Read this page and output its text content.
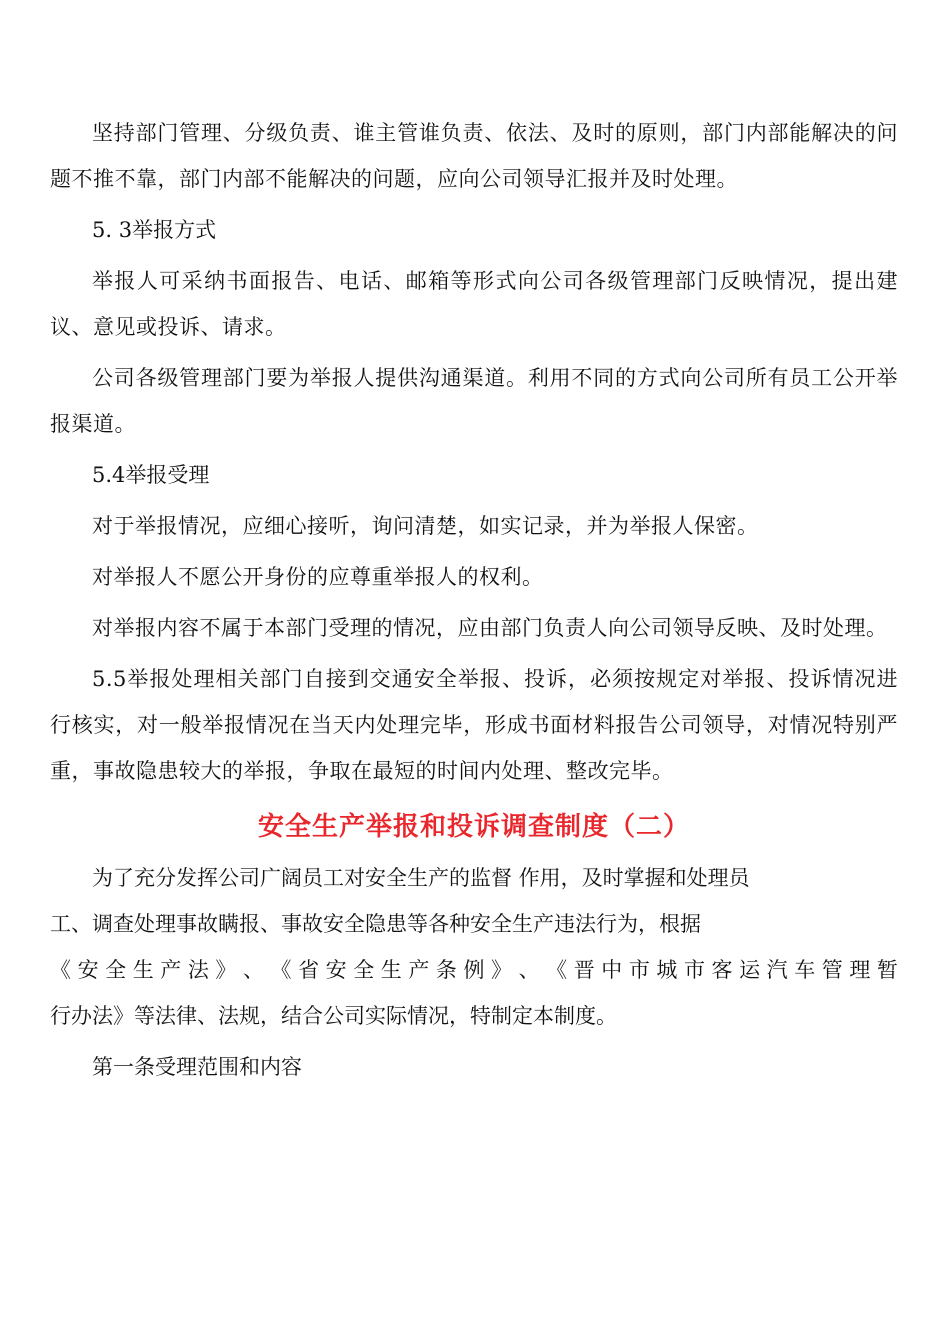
坚持部门管理、分级负责、谁主管谁负责、依法、及时的原则，部门内部能解决的问题不推不靠，部门内部不能解决的问题，应向公司领导汇报并及时处理。

5. 3举报方式

举报人可采纳书面报告、电话、邮箱等形式向公司各级管理部门反映情况，提出建议、意见或投诉、请求。

公司各级管理部门要为举报人提供沟通渠道。利用不同的方式向公司所有员工公开举报渠道。

5.4举报受理

对于举报情况，应细心接听，询问清楚，如实记录，并为举报人保密。

对举报人不愿公开身份的应尊重举报人的权利。

对举报内容不属于本部门受理的情况，应由部门负责人向公司领导反映、及时处理。

5.5举报处理相关部门自接到交通安全举报、投诉，必须按规定对举报、投诉情况进行核实，对一般举报情况在当天内处理完毕，形成书面材料报告公司领导，对情况特别严重，事故隐患较大的举报，争取在最短的时间内处理、整改完毕。

安全生产举报和投诉调查制度（二）

为了充分发挥公司广阔员工对安全生产的监督 作用，及时掌握和处理员

工、调查处理事故瞒报、事故安全隐患等各种安全生产违法行为，根据

《 安 全 生 产 法 》 、 《 省 安 全 生 产 条 例 》 、 《 晋 中 市 城 市 客 运 汽 车 管 理 暂

行办法》等法律、法规，结合公司实际情况，特制定本制度。

第一条受理范围和内容
